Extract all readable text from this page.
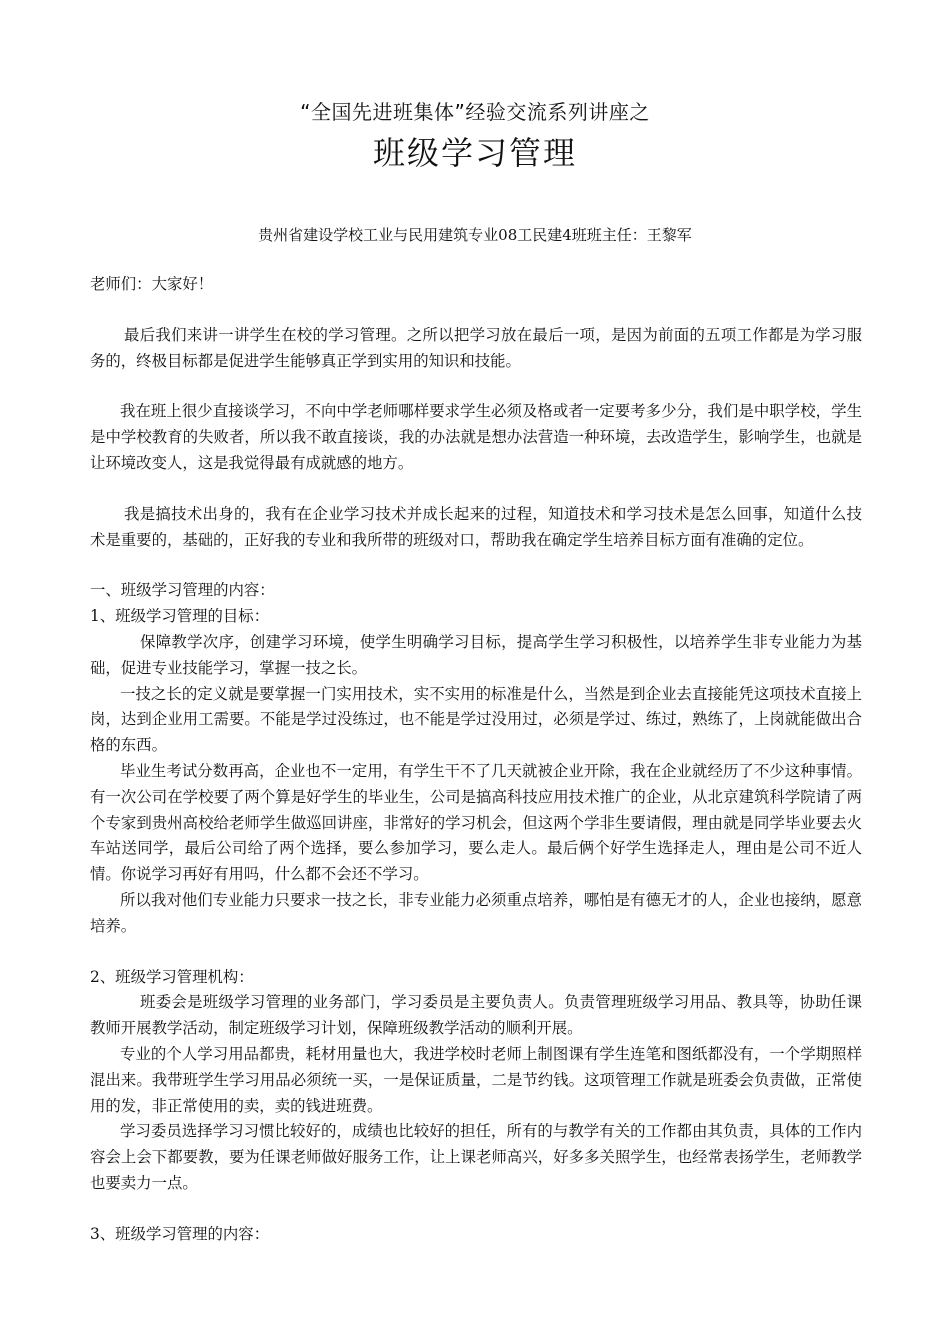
“全国先进班集体”经验交流系列讲座之
班级学习管理
贵州省建设学校工业与民用建筑专业08工民建4班班主任：王黎军

老师们：大家好！

最后我们来讲一讲学生在校的学习管理。之所以把学习放在最后一项，是因为前面的五项工作都是为学习服务的，终极目标都是促进学生能够真正学到实用的知识和技能。

我在班上很少直接谈学习，不向中学老师哪样要求学生必须及格或者一定要考多少分，我们是中职学校，学生是中学校教育的失败者，所以我不敢直接谈，我的办法就是想办法营造一种环境，去改造学生，影响学生，也就是让环境改变人，这是我觉得最有成就感的地方。

我是搞技术出身的，我有在企业学习技术并成长起来的过程，知道技术和学习技术是怎么回事，知道什么技术是重要的，基础的，正好我的专业和我所带的班级对口，帮助我在确定学生培养目标方面有准确的定位。

一、班级学习管理的内容：

1、班级学习管理的目标：

保障教学次序，创建学习环境，使学生明确学习目标，提高学生学习积极性，以培养学生非专业能力为基础，促进专业技能学习，掌握一技之长。

一技之长的定义就是要掌握一门实用技术，实不实用的标准是什么，当然是到企业去直接能凭这项技术直接上岗，达到企业用工需要。不能是学过没练过，也不能是学过没用过，必须是学过、练过，熟练了，上岗就能做出合格的东西。

毕业生考试分数再高，企业也不一定用，有学生干不了几天就被企业开除，我在企业就经历了不少这种事情。有一次公司在学校要了两个算是好学生的毕业生，公司是搞高科技应用技术推广的企业，从北京建筑科学院请了两个专家到贵州高校给老师学生做巡回讲座，非常好的学习机会，但这两个学非生要请假，理由就是同学毕业要去火车站送同学，最后公司给了两个选择，要么参加学习，要么走人。最后俩个好学生选择走人，理由是公司不近人情。你说学习再好有用吗，什么都不会还不学习。

所以我对他们专业能力只要求一技之长，非专业能力必须重点培养，哪怕是有德无才的人，企业也接纳，愿意培养。

2、班级学习管理机构：

班委会是班级学习管理的业务部门，学习委员是主要负责人。负责管理班级学习用品、教具等，协助任课教师开展教学活动，制定班级学习计划，保障班级教学活动的顺利开展。

专业的个人学习用品都贵，耗材用量也大，我进学校时老师上制图课有学生连笔和图纸都没有，一个学期照样混出来。我带班学生学习用品必须统一买，一是保证质量，二是节约钱。这项管理工作就是班委会负责做，正常使用的发，非正常使用的卖，卖的钱进班费。

学习委员选择学习习惯比较好的，成绩也比较好的担任，所有的与教学有关的工作都由其负责，具体的工作内容会上会下都要教，要为任课老师做好服务工作，让上课老师高兴，好多多关照学生，也经常表扬学生，老师教学也要卖力一点。

3、班级学习管理的内容：
